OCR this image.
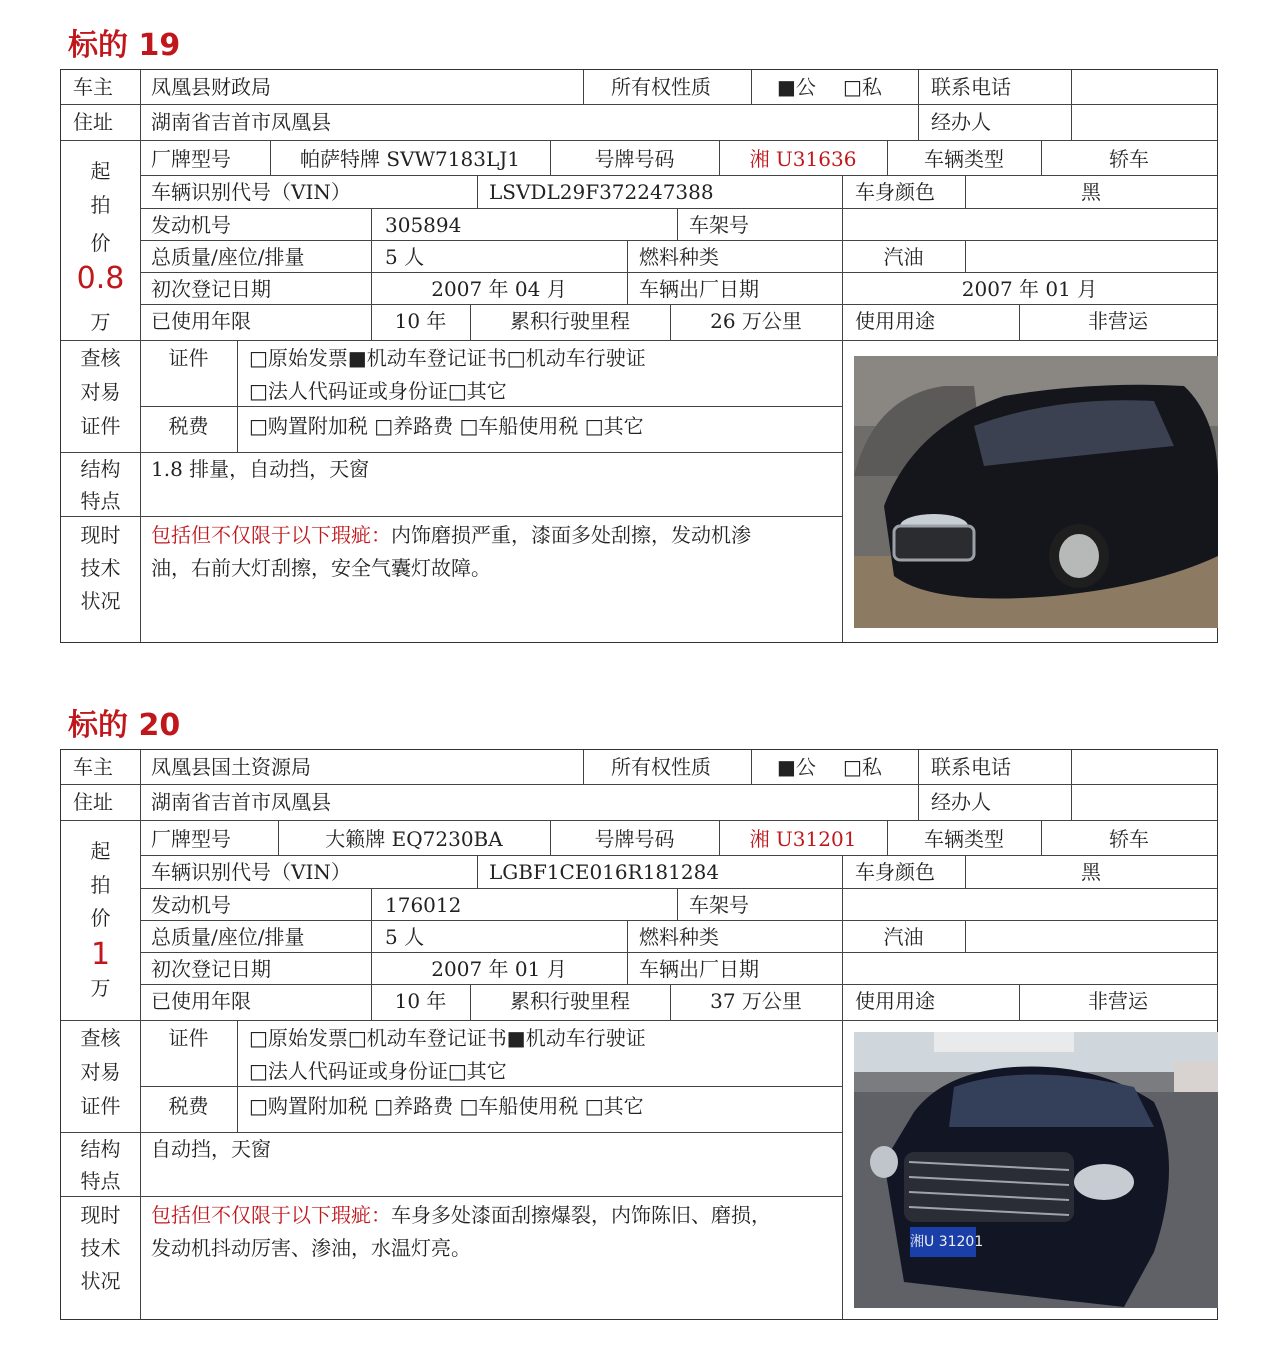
标的 19
车主 凤凰县财政局	所有权性质	■公 □私 联系电话
住址 湖南省吉首市凤凰县	经办人
起
拍
价
0.8
万
厂牌型号	帕萨特牌 SVW7183LJ1	号牌号码	湘 U31636	车辆类型	轿车
车辆识别代号（VIN）	LSVDL29F372247388	车身颜色	黑
发动机号	305894	车架号
总质量/座位/排量	5 人	燃料种类	汽油
初次登记日期	2007 年 04 月	车辆出厂日期	2007 年 01 月
已使用年限	10 年	累积行驶里程	26 万公里	使用用途	非营运
查核
对易
证件
证件	□原始发票■机动车登记证书□机动车行驶证
□法人代码证或身份证□其它
税费	□购置附加税 □养路费 □车船使用税 □其它
结构
特点
1.8 排量，自动挡，天窗
现时
技术
状况
包括但不仅限于以下瑕疵：内饰磨损严重，漆面多处刮擦，发动机渗
油，右前大灯刮擦，安全气囊灯故障。
标的 20
车主 凤凰县国土资源局	所有权性质	■公 □私 联系电话
住址 湖南省吉首市凤凰县	经办人
起
拍
价
1
万
厂牌型号	大籁牌 EQ7230BA	号牌号码	湘 U31201	车辆类型	轿车
车辆识别代号（VIN）	LGBF1CE016R181284	车身颜色	黑
发动机号	176012	车架号
总质量/座位/排量	5 人	燃料种类	汽油
初次登记日期	2007 年 01 月	车辆出厂日期
已使用年限	10 年	累积行驶里程	37 万公里	使用用途	非营运
查核
对易
证件
证件	□原始发票□机动车登记证书■机动车行驶证
□法人代码证或身份证□其它
税费	□购置附加税 □养路费 □车船使用税 □其它
结构
特点
自动挡，天窗
现时
技术
状况
包括但不仅限于以下瑕疵：车身多处漆面刮擦爆裂，内饰陈旧、磨损，
发动机抖动厉害、渗油，水温灯亮。	湘U 31201
